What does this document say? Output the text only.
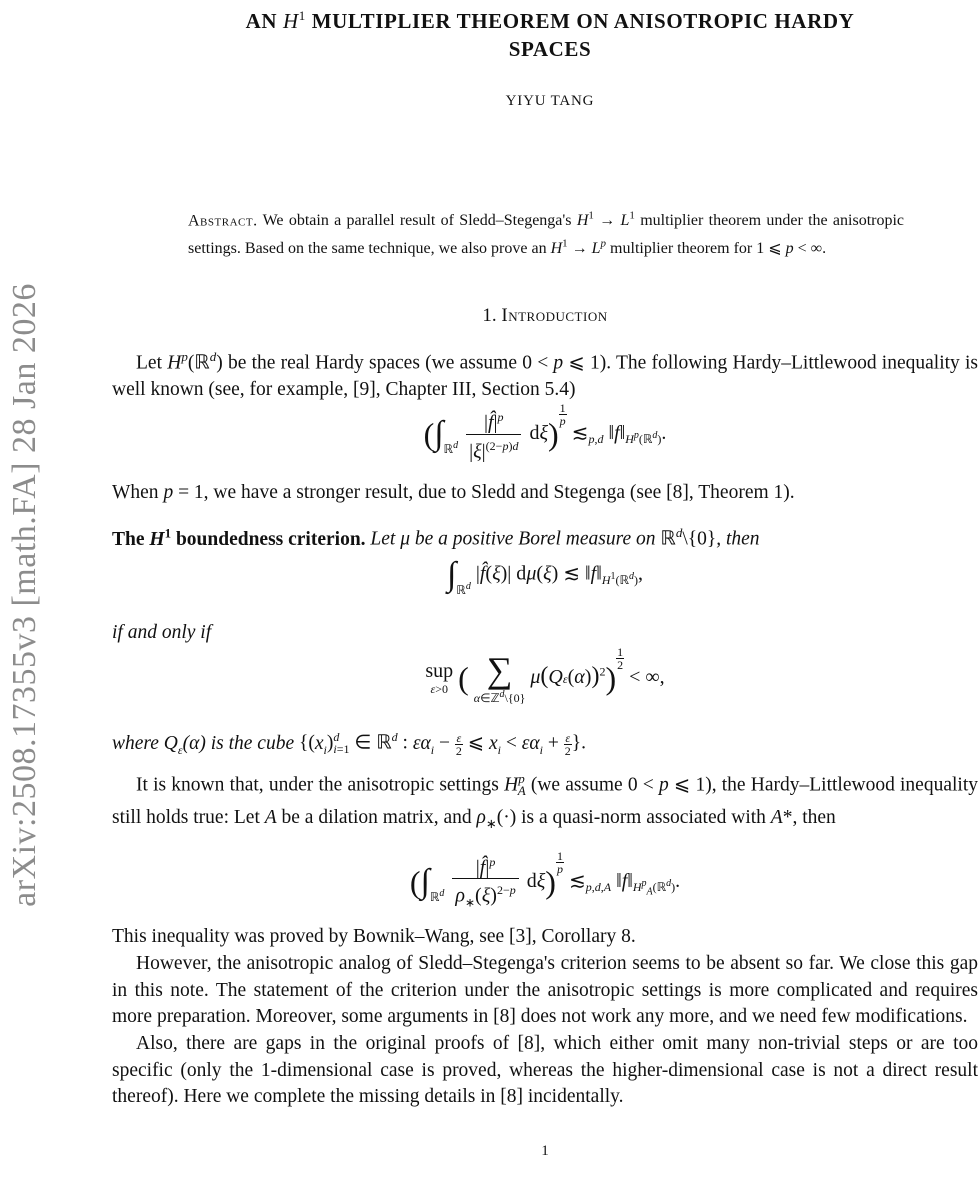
arXiv:2508.17355v3 [math.FA] 28 Jan 2026
AN $H^1$ MULTIPLIER THEOREM ON ANISOTROPIC HARDY
SPACES
YIYU TANG
Abstract. We obtain a parallel result of Sledd–Stegenga's $H^1 \to L^1$ multiplier theorem under the anisotropic settings. Based on the same technique, we also prove an $H^1 \to L^p$ multiplier theorem for 1 ⩽ p < ∞.
1. Introduction
Let $H^p(ℝ^d)$ be the real Hardy spaces (we assume 0 < p ⩽ 1). The following Hardy–Littlewood inequality is well known (see, for example, [9], Chapter III, Section 5.4)
$(\int_{ℝ^d} \frac{|f̂|^p}{|\xi|^{(2-p)d}} d\xi)$
$\frac{1}{p}$
$≲_{p,d}$ $‖f‖_{H^p(ℝ^d)}$.
When p = 1, we have a stronger result, due to Sledd and Stegenga (see [8], Theorem 1).
The $H^1$ boundedness criterion. Let μ be a positive Borel measure on ℝ$^d$\{0}, then
$\int_{ℝ^d}$ |f̂(ξ)| dμ(ξ) ≲ $‖f‖_{H^1(ℝ^d)}$,
if and only if
sup
ε>0 ( ∑
α∈ℤ$^d$\{0}
$\mu(Q\varepsilon(\alpha))^2$)
$\frac{1}{2}$
< ∞,
where $Q_\varepsilon(\alpha)$ is the cube {$(x_i)^d_{i=1}$ ∈ ℝ$^d$ : $\varepsilon\alpha_i - \frac{\varepsilon}{2}$ ⩽ $x_i < \varepsilon\alpha_i + \frac{\varepsilon}{2}$ }.
It is known that, under the anisotropic settings $H^p_A$ (we assume 0 < p ⩽ 1), the Hardy–Littlewood inequality still holds true: Let A be a dilation matrix, and $\rho_∗(\cdot)$ is a quasi-norm associated with A*, then
$(\int_{ℝ^d} \frac{|f̂|^p}{\rho_∗(\xi)^{2-p}} d\xi)$
$\frac{1}{p}$
$≲_{p,d,A}$ $‖f‖_{H^p_A(ℝ^d)}$.
This inequality was proved by Bownik–Wang, see [3], Corollary 8.
However, the anisotropic analog of Sledd–Stegenga's criterion seems to be absent so far. We close this gap in this note. The statement of the criterion under the anisotropic settings is more complicated and requires more preparation. Moreover, some arguments in [8] does not work any more, and we need few modifications.
Also, there are gaps in the original proofs of [8], which either omit many non-trivial steps or are too specific (only the 1-dimensional case is proved, whereas the higher-dimensional case is not a direct result thereof). Here we complete the missing details in [8] incidentally.
1
